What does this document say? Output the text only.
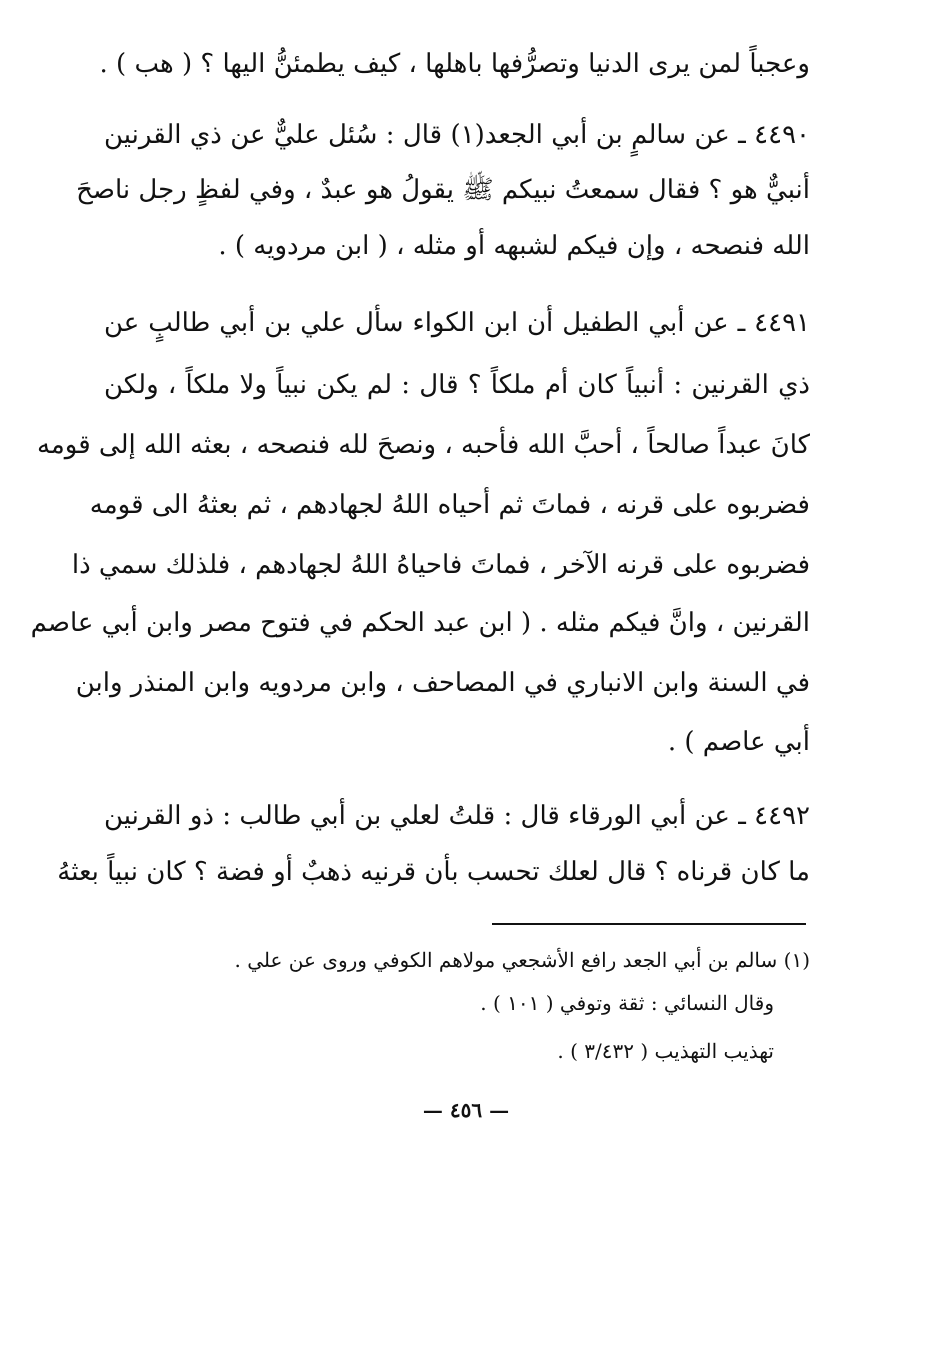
وعجباً لمن يرى الدنيا وتصرُّفها باهلها ، كيف يطمئنُّ اليها ؟ ( هب ) .
٤٤٩٠ ـ عن سالمٍ بن أبي الجعد(١) قال : سُئل عليٌّ عن ذي القرنين
أنبيٌّ هو ؟ فقال سمعتُ نبيكم ﷺ يقولُ هو عبدٌ ، وفي لفظٍ رجل ناصحَ
الله فنصحه ، وإن فيكم لشبهه أو مثله ، ( ابن مردويه ) .
٤٤٩١ ـ عن أبي الطفيل أن ابن الكواء سأل علي بن أبي طالبٍ عن
ذي القرنين : أنبياً كان أم ملكاً ؟ قال : لم يكن نبياً ولا ملكاً ، ولكن
كانَ عبداً صالحاً ، أحبَّ الله فأحبه ، ونصحَ لله فنصحه ، بعثه الله إلى قومه
فضربوه على قرنه ، فماتَ ثم أحياه اللهُ لجهادهم ، ثم بعثهُ الى قومه
فضربوه على قرنه الآخر ، فماتَ فاحياهُ اللهُ لجهادهم ، فلذلك سمي ذا
القرنين ، وانَّ فيكم مثله . ( ابن عبد الحكم في فتوح مصر وابن أبي عاصم
في السنة وابن الانباري في المصاحف ، وابن مردويه وابن المنذر وابن
أبي عاصم ) .
٤٤٩٢ ـ عن أبي الورقاء قال : قلتُ لعلي بن أبي طالب : ذو القرنين
ما كان قرناه ؟ قال لعلك تحسب بأن قرنيه ذهبٌ أو فضة ؟ كان نبياً بعثهُ
(١) سالم بن أبي الجعد رافع الأشجعي مولاهم الكوفي وروى عن علي .
وقال النسائي : ثقة وتوفي ( ١٠١ ) .
تهذيب التهذيب ( ٣/٤٣٢ ) .
— ٤٥٦ —
